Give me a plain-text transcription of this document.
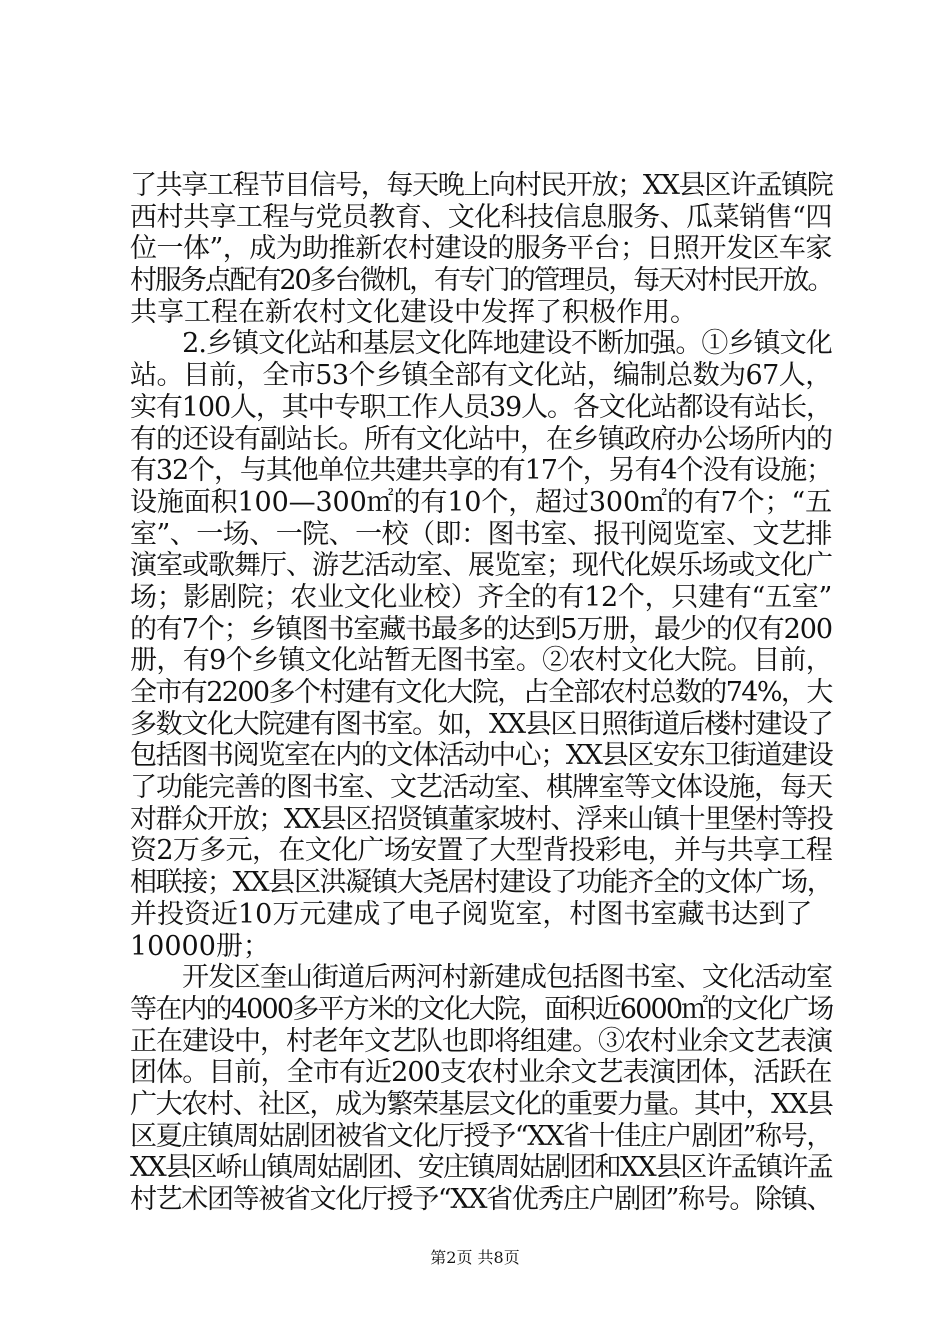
了共享工程节目信号，每天晚上向村民开放；XX县区许孟镇院
西村共享工程与党员教育、文化科技信息服务、瓜菜销售“四
位一体”，成为助推新农村建设的服务平台；日照开发区车家
村服务点配有20多台微机，有专门的管理员，每天对村民开放。
共享工程在新农村文化建设中发挥了积极作用。
　　2.乡镇文化站和基层文化阵地建设不断加强。①乡镇文化
站。目前，全市53个乡镇全部有文化站，编制总数为67人，
实有100人，其中专职工作人员39人。各文化站都设有站长，
有的还设有副站长。所有文化站中，在乡镇政府办公场所内的
有32个，与其他单位共建共享的有17个，另有4个没有设施；
设施面积100—300㎡的有10个，超过300㎡的有7个；“五
室”、一场、一院、一校（即：图书室、报刊阅览室、文艺排
演室或歌舞厅、游艺活动室、展览室；现代化娱乐场或文化广
场；影剧院；农业文化业校）齐全的有12个，只建有“五室”
的有7个；乡镇图书室藏书最多的达到5万册，最少的仅有200
册，有9个乡镇文化站暂无图书室。②农村文化大院。目前，
全市有2200多个村建有文化大院，占全部农村总数的74%，大
多数文化大院建有图书室。如，XX县区日照街道后楼村建设了
包括图书阅览室在内的文体活动中心；XX县区安东卫街道建设
了功能完善的图书室、文艺活动室、棋牌室等文体设施，每天
对群众开放；XX县区招贤镇董家坡村、浮来山镇十里堡村等投
资2万多元，在文化广场安置了大型背投彩电，并与共享工程
相联接；XX县区洪凝镇大尧居村建设了功能齐全的文体广场，
并投资近10万元建成了电子阅览室，村图书室藏书达到了
10000册；
　　开发区奎山街道后两河村新建成包括图书室、文化活动室
等在内的4000多平方米的文化大院，面积近6000㎡的文化广场
正在建设中，村老年文艺队也即将组建。③农村业余文艺表演
团体。目前，全市有近200支农村业余文艺表演团体，活跃在
广大农村、社区，成为繁荣基层文化的重要力量。其中，XX县
区夏庄镇周姑剧团被省文化厅授予“XX省十佳庄户剧团”称号，
XX县区峤山镇周姑剧团、安庄镇周姑剧团和XX县区许孟镇许孟
村艺术团等被省文化厅授予“XX省优秀庄户剧团”称号。除镇、
第2页 共8页
